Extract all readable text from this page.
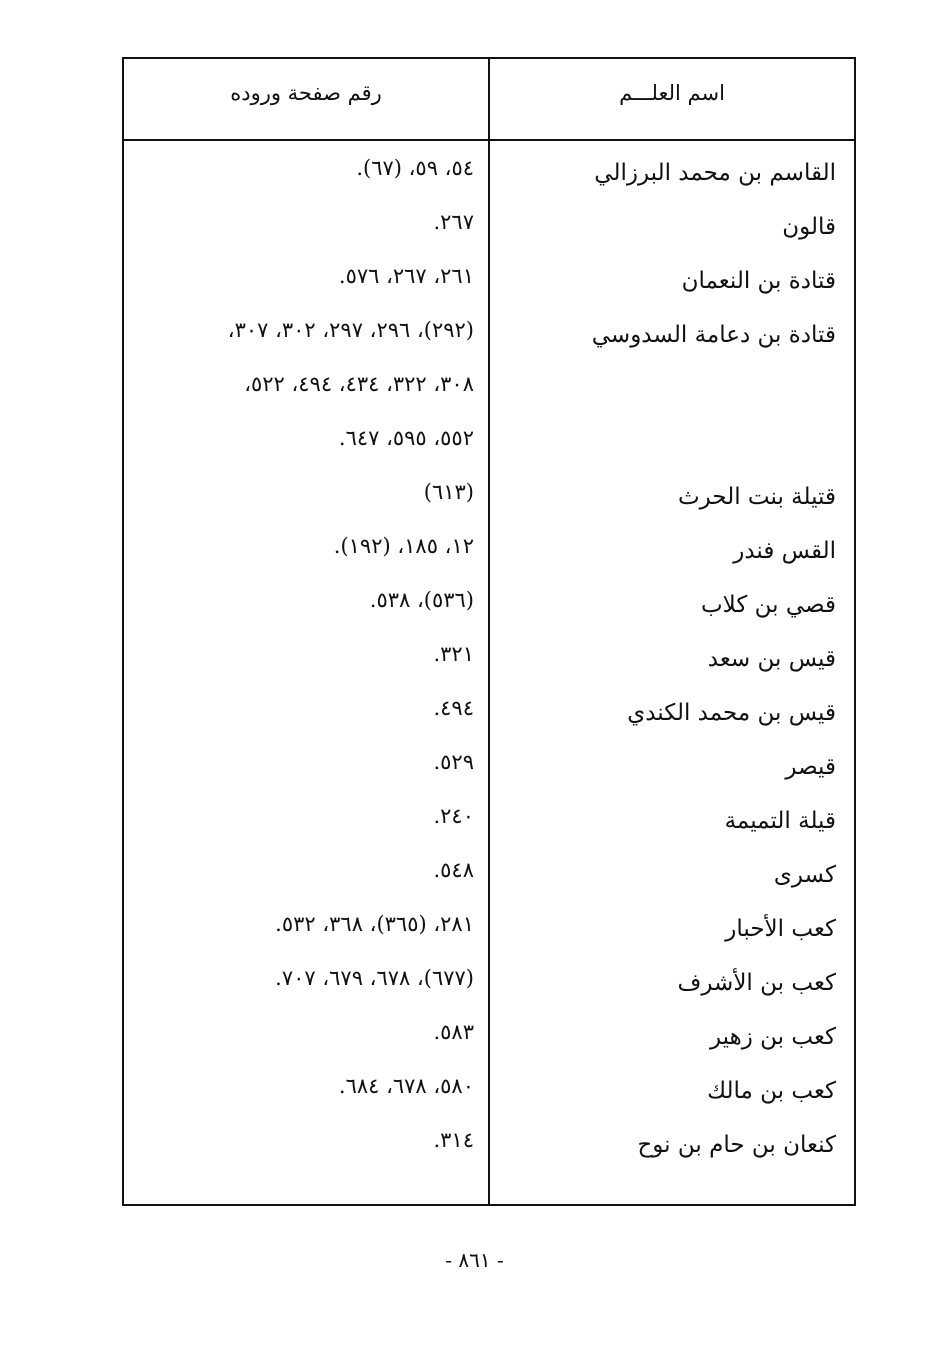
اسم العلـــم
رقم صفحة وروده
القاسم بن محمد البرزالي
٥٤، ٥٩، (٦٧).
قالون
٢٦٧.
قتادة بن النعمان
٢٦١، ٢٦٧، ٥٧٦.
قتادة بن دعامة السدوسي
(٢٩٢)، ٢٩٦، ٢٩٧، ٣٠٢، ٣٠٧،
٣٠٨، ٣٢٢، ٤٣٤، ٤٩٤، ٥٢٢،
٥٥٢، ٥٩٥، ٦٤٧.
قتيلة بنت الحرث
(٦١٣)
القس فندر
١٢، ١٨٥، (١٩٢).
قصي بن كلاب
(٥٣٦)، ٥٣٨.
قيس بن سعد
٣٢١.
قيس بن محمد الكندي
٤٩٤.
قيصر
٥٢٩.
قيلة التميمة
٢٤٠.
كسرى
٥٤٨.
كعب الأحبار
٢٨١، (٣٦٥)، ٣٦٨، ٥٣٢.
كعب بن الأشرف
(٦٧٧)، ٦٧٨، ٦٧٩، ٧٠٧.
كعب بن زهير
٥٨٣.
كعب بن مالك
٥٨٠، ٦٧٨، ٦٨٤.
كنعان بن حام بن نوح
٣١٤.
- ٨٦١ -
